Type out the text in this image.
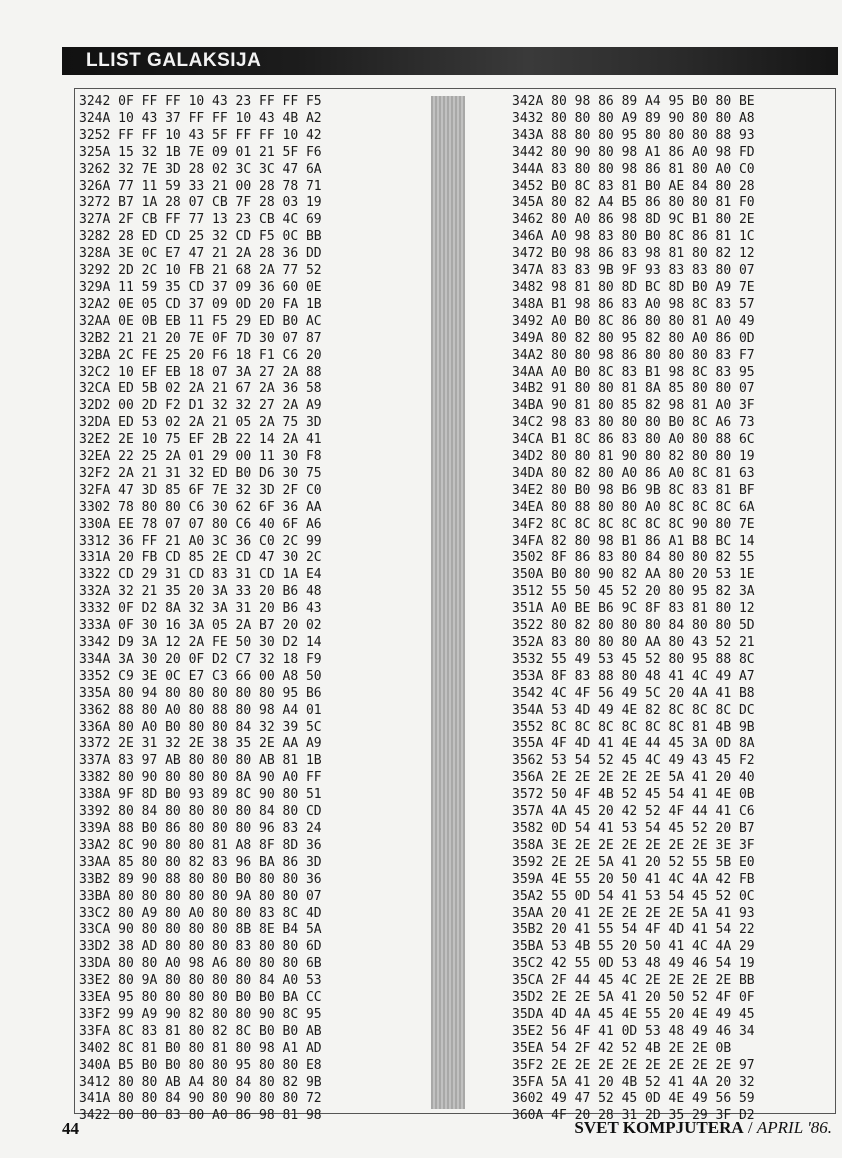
LLIST GALAKSIJA
3242 0F FF FF 10 43 23 FF FF F5
324A 10 43 37 FF FF 10 43 4B A2
3252 FF FF 10 43 5F FF FF 10 42
325A 15 32 1B 7E 09 01 21 5F F6
3262 32 7E 3D 28 02 3C 3C 47 6A
326A 77 11 59 33 21 00 28 78 71
3272 B7 1A 28 07 CB 7F 28 03 19
327A 2F CB FF 77 13 23 CB 4C 69
3282 28 ED CD 25 32 CD F5 0C BB
328A 3E 0C E7 47 21 2A 28 36 DD
3292 2D 2C 10 FB 21 68 2A 77 52
329A 11 59 35 CD 37 09 36 60 0E
32A2 0E 05 CD 37 09 0D 20 FA 1B
32AA 0E 0B EB 11 F5 29 ED B0 AC
32B2 21 21 20 7E 0F 7D 30 07 87
32BA 2C FE 25 20 F6 18 F1 C6 20
32C2 10 EF EB 18 07 3A 27 2A 88
32CA ED 5B 02 2A 21 67 2A 36 58
32D2 00 2D F2 D1 32 32 27 2A A9
32DA ED 53 02 2A 21 05 2A 75 3D
32E2 2E 10 75 EF 2B 22 14 2A 41
32EA 22 25 2A 01 29 00 11 30 F8
32F2 2A 21 31 32 ED B0 D6 30 75
32FA 47 3D 85 6F 7E 32 3D 2F C0
3302 78 80 80 C6 30 62 6F 36 AA
330A EE 78 07 07 80 C6 40 6F A6
3312 36 FF 21 A0 3C 36 C0 2C 99
331A 20 FB CD 85 2E CD 47 30 2C
3322 CD 29 31 CD 83 31 CD 1A E4
332A 32 21 35 20 3A 33 20 B6 48
3332 0F D2 8A 32 3A 31 20 B6 43
333A 0F 30 16 3A 05 2A B7 20 02
3342 D9 3A 12 2A FE 50 30 D2 14
334A 3A 30 20 0F D2 C7 32 18 F9
3352 C9 3E 0C E7 C3 66 00 A8 50
335A 80 94 80 80 80 80 80 95 B6
3362 88 80 A0 80 88 80 98 A4 01
336A 80 A0 B0 80 80 84 32 39 5C
3372 2E 31 32 2E 38 35 2E AA A9
337A 83 97 AB 80 80 80 AB 81 1B
3382 80 90 80 80 80 8A 90 A0 FF
338A 9F 8D B0 93 89 8C 90 80 51
3392 80 84 80 80 80 80 84 80 CD
339A 88 B0 86 80 80 80 96 83 24
33A2 8C 90 80 80 81 A8 8F 8D 36
33AA 85 80 80 82 83 96 BA 86 3D
33B2 89 90 88 80 80 B0 80 80 36
33BA 80 80 80 80 80 9A 80 80 07
33C2 80 A9 80 A0 80 80 83 8C 4D
33CA 90 80 80 80 80 8B 8E B4 5A
33D2 38 AD 80 80 80 83 80 80 6D
33DA 80 80 A0 98 A6 80 80 80 6B
33E2 80 9A 80 80 80 80 84 A0 53
33EA 95 80 80 80 80 B0 B0 BA CC
33F2 99 A9 90 82 80 80 90 8C 95
33FA 8C 83 81 80 82 8C B0 B0 AB
3402 8C 81 B0 80 81 80 98 A1 AD
340A B5 B0 B0 80 80 95 80 80 E8
3412 80 80 AB A4 80 84 80 82 9B
341A 80 80 84 90 80 90 80 80 72
3422 80 80 83 80 A0 86 98 81 98
342A 80 98 86 89 A4 95 B0 80 BE
3432 80 80 80 A9 89 90 80 80 A8
343A 88 80 80 95 80 80 80 88 93
3442 80 90 80 98 A1 86 A0 98 FD
344A 83 80 80 98 86 81 80 A0 C0
3452 B0 8C 83 81 B0 AE 84 80 28
345A 80 82 A4 B5 86 80 80 81 F0
3462 80 A0 86 98 8D 9C B1 80 2E
346A A0 98 83 80 B0 8C 86 81 1C
3472 B0 98 86 83 98 81 80 82 12
347A 83 83 9B 9F 93 83 83 80 07
3482 98 81 80 8D BC 8D B0 A9 7E
348A B1 98 86 83 A0 98 8C 83 57
3492 A0 B0 8C 86 80 80 81 A0 49
349A 80 82 80 95 82 80 A0 86 0D
34A2 80 80 98 86 80 80 80 83 F7
34AA A0 B0 8C 83 B1 98 8C 83 95
34B2 91 80 80 81 8A 85 80 80 07
34BA 90 81 80 85 82 98 81 A0 3F
34C2 98 83 80 80 80 B0 8C A6 73
34CA B1 8C 86 83 80 A0 80 88 6C
34D2 80 80 81 90 80 82 80 80 19
34DA 80 82 80 A0 86 A0 8C 81 63
34E2 80 B0 98 B6 9B 8C 83 81 BF
34EA 80 88 80 80 A0 8C 8C 8C 6A
34F2 8C 8C 8C 8C 8C 8C 90 80 7E
34FA 82 80 98 B1 86 A1 B8 BC 14
3502 8F 86 83 80 84 80 80 82 55
350A B0 80 90 82 AA 80 20 53 1E
3512 55 50 45 52 20 80 95 82 3A
351A A0 BE B6 9C 8F 83 81 80 12
3522 80 82 80 80 80 84 80 80 5D
352A 83 80 80 80 AA 80 43 52 21
3532 55 49 53 45 52 80 95 88 8C
353A 8F 83 88 80 48 41 4C 49 A7
3542 4C 4F 56 49 5C 20 4A 41 B8
354A 53 4D 49 4E 82 8C 8C 8C DC
3552 8C 8C 8C 8C 8C 8C 81 4B 9B
355A 4F 4D 41 4E 44 45 3A 0D 8A
3562 53 54 52 45 4C 49 43 45 F2
356A 2E 2E 2E 2E 2E 5A 41 20 40
3572 50 4F 4B 52 45 54 41 4E 0B
357A 4A 45 20 42 52 4F 44 41 C6
3582 0D 54 41 53 54 45 52 20 B7
358A 3E 2E 2E 2E 2E 2E 2E 3E 3F
3592 2E 2E 5A 41 20 52 55 5B E0
359A 4E 55 20 50 41 4C 4A 42 FB
35A2 55 0D 54 41 53 54 45 52 0C
35AA 20 41 2E 2E 2E 2E 5A 41 93
35B2 20 41 55 54 4F 4D 41 54 22
35BA 53 4B 55 20 50 41 4C 4A 29
35C2 42 55 0D 53 48 49 46 54 19
35CA 2F 44 45 4C 2E 2E 2E 2E BB
35D2 2E 2E 5A 41 20 50 52 4F 0F
35DA 4D 4A 45 4E 55 20 4E 49 45
35E2 56 4F 41 0D 53 48 49 46 34
35EA 54 2F 42 52 4B 2E 2E 0B
35F2 2E 2E 2E 2E 2E 2E 2E 2E 97
35FA 5A 41 20 4B 52 41 4A 20 32
3602 49 47 52 45 0D 4E 49 56 59
360A 4F 20 28 31 2D 35 29 3F D2
44	SVET KOMPJUTERA / APRIL '86.
